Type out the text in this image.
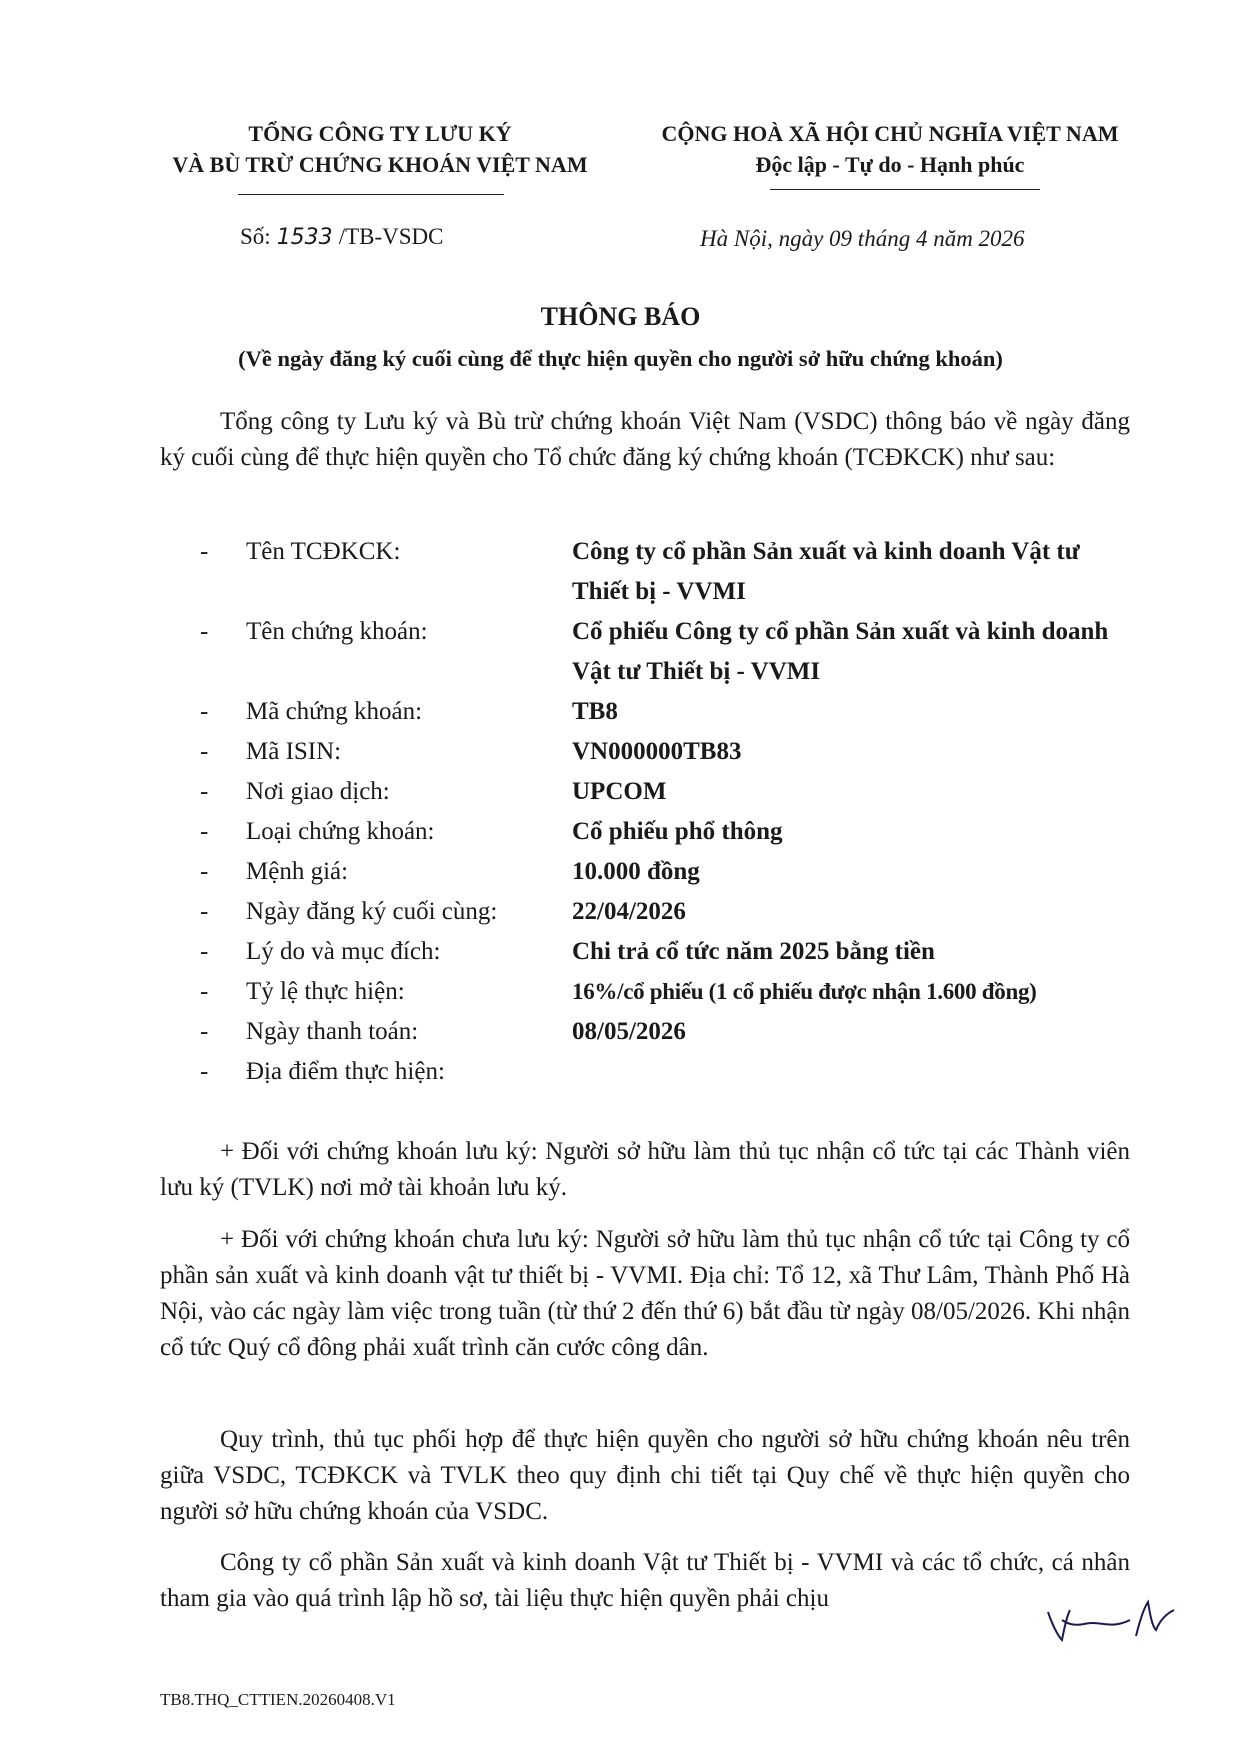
TỔNG CÔNG TY LƯU KÝ
VÀ BÙ TRỪ CHỨNG KHOÁN VIỆT NAM
CỘNG HOÀ XÃ HỘI CHỦ NGHĨA VIỆT NAM
Độc lập - Tự do - Hạnh phúc
Số: 1533 /TB-VSDC	Hà Nội, ngày 09 tháng 4 năm 2026
THÔNG BÁO
(Về ngày đăng ký cuối cùng để thực hiện quyền cho người sở hữu chứng khoán)
Tổng công ty Lưu ký và Bù trừ chứng khoán Việt Nam (VSDC) thông báo về ngày đăng ký cuối cùng để thực hiện quyền cho Tổ chức đăng ký chứng khoán (TCĐKCK) như sau:
-	Tên TCĐKCK:	Công ty cổ phần Sản xuất và kinh doanh Vật tư Thiết bị - VVMI
-	Tên chứng khoán:	Cổ phiếu Công ty cổ phần Sản xuất và kinh doanh Vật tư Thiết bị - VVMI
-	Mã chứng khoán:	TB8
-	Mã ISIN:	VN000000TB83
-	Nơi giao dịch:	UPCOM
-	Loại chứng khoán:	Cổ phiếu phổ thông
-	Mệnh giá:	10.000 đồng
-	Ngày đăng ký cuối cùng:	22/04/2026
-	Lý do và mục đích:	Chi trả cổ tức năm 2025 bằng tiền
-	Tỷ lệ thực hiện:	16%/cổ phiếu (1 cổ phiếu được nhận 1.600 đồng)
-	Ngày thanh toán:	08/05/2026
-	Địa điểm thực hiện:
+ Đối với chứng khoán lưu ký: Người sở hữu làm thủ tục nhận cổ tức tại các Thành viên lưu ký (TVLK) nơi mở tài khoản lưu ký.
+ Đối với chứng khoán chưa lưu ký: Người sở hữu làm thủ tục nhận cổ tức tại Công ty cổ phần sản xuất và kinh doanh vật tư thiết bị - VVMI. Địa chỉ: Tổ 12, xã Thư Lâm, Thành Phố Hà Nội, vào các ngày làm việc trong tuần (từ thứ 2 đến thứ 6) bắt đầu từ ngày 08/05/2026. Khi nhận cổ tức Quý cổ đông phải xuất trình căn cước công dân.
Quy trình, thủ tục phối hợp để thực hiện quyền cho người sở hữu chứng khoán nêu trên giữa VSDC, TCĐKCK và TVLK theo quy định chi tiết tại Quy chế về thực hiện quyền cho người sở hữu chứng khoán của VSDC.
Công ty cổ phần Sản xuất và kinh doanh Vật tư Thiết bị - VVMI và các tổ chức, cá nhân tham gia vào quá trình lập hồ sơ, tài liệu thực hiện quyền phải chịu
TB8.THQ_CTTIEN.20260408.V1
